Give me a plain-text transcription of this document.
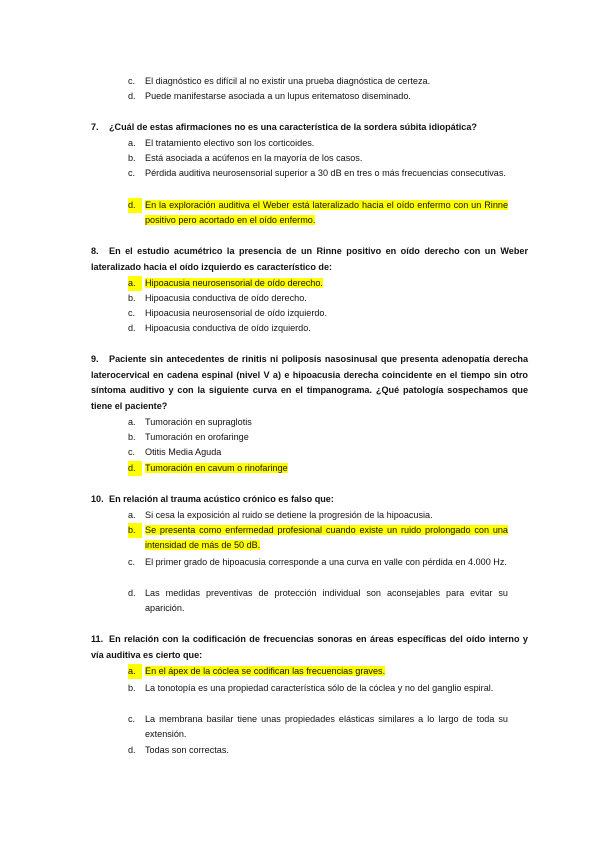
c.	El diagnóstico es difícil al no existir una prueba diagnóstica de certeza.
d.	Puede manifestarse asociada a un lupus eritematoso diseminado.
7.	¿Cuál de estas afirmaciones no es una característica de la sordera súbita idiopática?
a.	El tratamiento electivo son los corticoides.
b.	Está asociada a acúfenos en la mayoría de los casos.
c.	Pérdida auditiva neurosensorial superior a 30 dB en tres o más frecuencias consecutivas.
d.	En la exploración auditiva el Weber está lateralizado hacia el oído enfermo con un Rinne positivo pero acortado en el oído enfermo.
8.	En el estudio acumétrico la presencia de un Rinne positivo en oído derecho con un Weber lateralizado hacia el oído izquierdo es característico de:
a.	Hipoacusia neurosensorial de oído derecho.
b.	Hipoacusia conductiva de oído derecho.
c.	Hipoacusia neurosensorial de oído izquierdo.
d.	Hipoacusia conductiva de oído izquierdo.
9.	Paciente sin antecedentes de rinitis ni poliposis nasosinusal que presenta adenopatía derecha laterocervical en cadena espinal (nivel V a) e hipoacusia derecha coincidente en el tiempo sin otro síntoma auditivo y con la siguiente curva en el timpanograma. ¿Qué patología sospechamos que tiene el paciente?
a.	Tumoración en supraglotis
b.	Tumoración en orofaringe
c.	Otitis Media Aguda
d.	Tumoración en cavum o rinofaringe
10. En relación al trauma acústico crónico es falso que:
a.	Si cesa la exposición al ruido se detiene la progresión de la hipoacusia.
b.	Se presenta como enfermedad profesional cuando existe un ruido prolongado con una intensidad de más de 50 dB.
c.	El primer grado de hipoacusia corresponde a una curva en valle con pérdida en 4.000 Hz.
d.	Las medidas preventivas de protección individual son aconsejables para evitar su aparición.
11. En relación con la codificación de frecuencias sonoras en áreas específicas del oído interno y vía auditiva es cierto que:
a.	En el ápex de la cóclea se codifican las frecuencias graves.
b.	La tonotopía es una propiedad característica sólo de la cóclea y no del ganglio espiral.
c.	La membrana basilar tiene unas propiedades elásticas similares a lo largo de toda su extensión.
d.	Todas son correctas.
